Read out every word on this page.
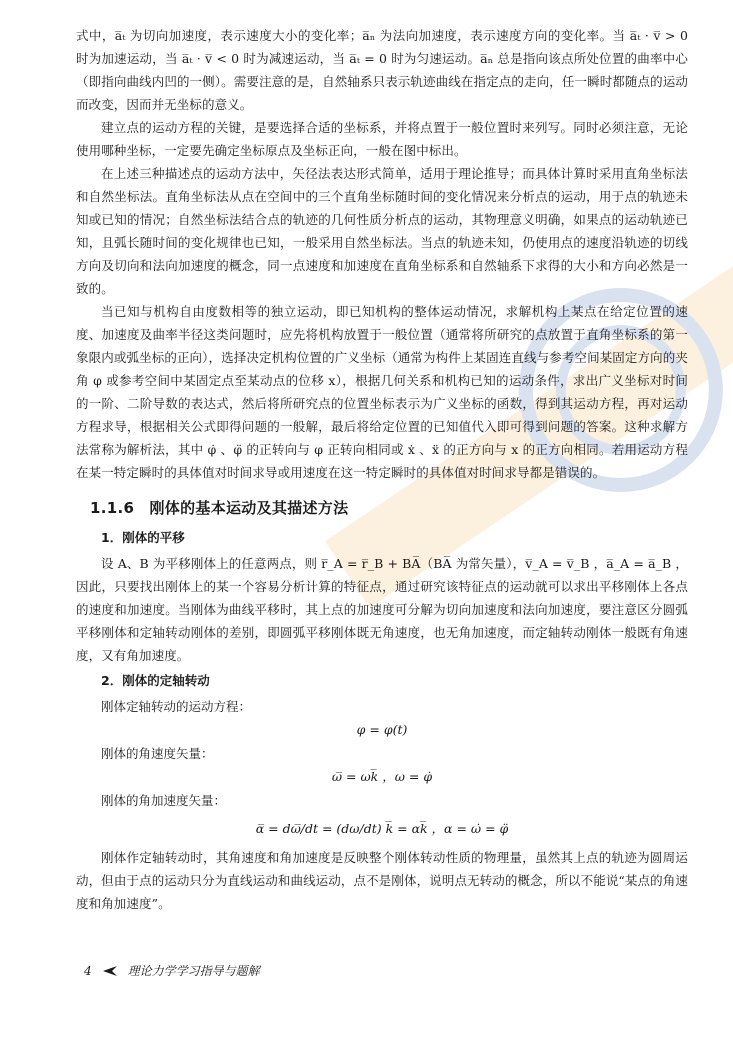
式中，a̅ₜ 为切向加速度，表示速度大小的变化率；a̅ₙ 为法向加速度，表示速度方向的变化率。当 a̅ₜ · v̅ > 0 时为加速运动，当 a̅ₜ · v̅ < 0 时为减速运动，当 a̅ₜ = 0 时为匀速运动。a̅ₙ 总是指向该点所处位置的曲率中心（即指向曲线内凹的一侧）。需要注意的是，自然轴系只表示轨迹曲线在指定点的走向，任一瞬时都随点的运动而改变，因而并无坐标的意义。

建立点的运动方程的关键，是要选择合适的坐标系，并将点置于一般位置时来列写。同时必须注意，无论使用哪种坐标，一定要先确定坐标原点及坐标正向，一般在图中标出。

在上述三种描述点的运动方法中，矢径法表达形式简单，适用于理论推导；而具体计算时采用直角坐标法和自然坐标法。直角坐标法从点在空间中的三个直角坐标随时间的变化情况来分析点的运动，用于点的轨迹未知或已知的情况；自然坐标法结合点的轨迹的几何性质分析点的运动，其物理意义明确，如果点的运动轨迹已知，且弧长随时间的变化规律也已知，一般采用自然坐标法。当点的轨迹未知，仍使用点的速度沿轨迹的切线方向及切向和法向加速度的概念，同一点速度和加速度在直角坐标系和自然轴系下求得的大小和方向必然是一致的。

当已知与机构自由度数相等的独立运动，即已知机构的整体运动情况，求解机构上某点在给定位置的速度、加速度及曲率半径这类问题时，应先将机构放置于一般位置（通常将所研究的点放置于直角坐标系的第一象限内或弧坐标的正向），选择决定机构位置的广义坐标（通常为构件上某固连直线与参考空间某固定方向的夹角 φ 或参考空间中某固定点至某动点的位移 x），根据几何关系和机构已知的运动条件，求出广义坐标对时间的一阶、二阶导数的表达式，然后将所研究点的位置坐标表示为广义坐标的函数，得到其运动方程，再对运动方程求导，根据相关公式即得问题的一般解，最后将给定位置的已知值代入即可得到问题的答案。这种求解方法常称为解析法，其中 φ̇ 、φ̈ 的正转向与 φ 正转向相同或 ẋ 、ẍ 的正方向与 x 的正方向相同。若用运动方程在某一特定瞬时的具体值对时间求导或用速度在这一特定瞬时的具体值对时间求导都是错误的。

1.1.6　刚体的基本运动及其描述方法
1．刚体的平移

设 A、B 为平移刚体上的任意两点，则 r̅_A = r̅_B + BA̅（BA̅ 为常矢量），v̅_A = v̅_B ，a̅_A = a̅_B ，因此，只要找出刚体上的某一个容易分析计算的特征点，通过研究该特征点的运动就可以求出平移刚体上各点的速度和加速度。当刚体为曲线平移时，其上点的加速度可分解为切向加速度和法向加速度，要注意区分圆弧平移刚体和定轴转动刚体的差别，即圆弧平移刚体既无角速度，也无角加速度，而定轴转动刚体一般既有角速度，又有角加速度。

2．刚体的定轴转动

刚体定轴转动的运动方程：

φ = φ(t)

刚体的角速度矢量：

ω̅ = ωk̅ ，ω = φ̇

刚体的角加速度矢量：

α̅ = dω̅/dt = (dω/dt) k̅ = αk̅ ，α = ω̇ = φ̈

刚体作定轴转动时，其角速度和角加速度是反映整个刚体转动性质的物理量，虽然其上点的轨迹为圆周运动，但由于点的运动只分为直线运动和曲线运动，点不是刚体，说明点无转动的概念，所以不能说“某点的角速度和角加速度”。

4	理论力学学习指导与题解
